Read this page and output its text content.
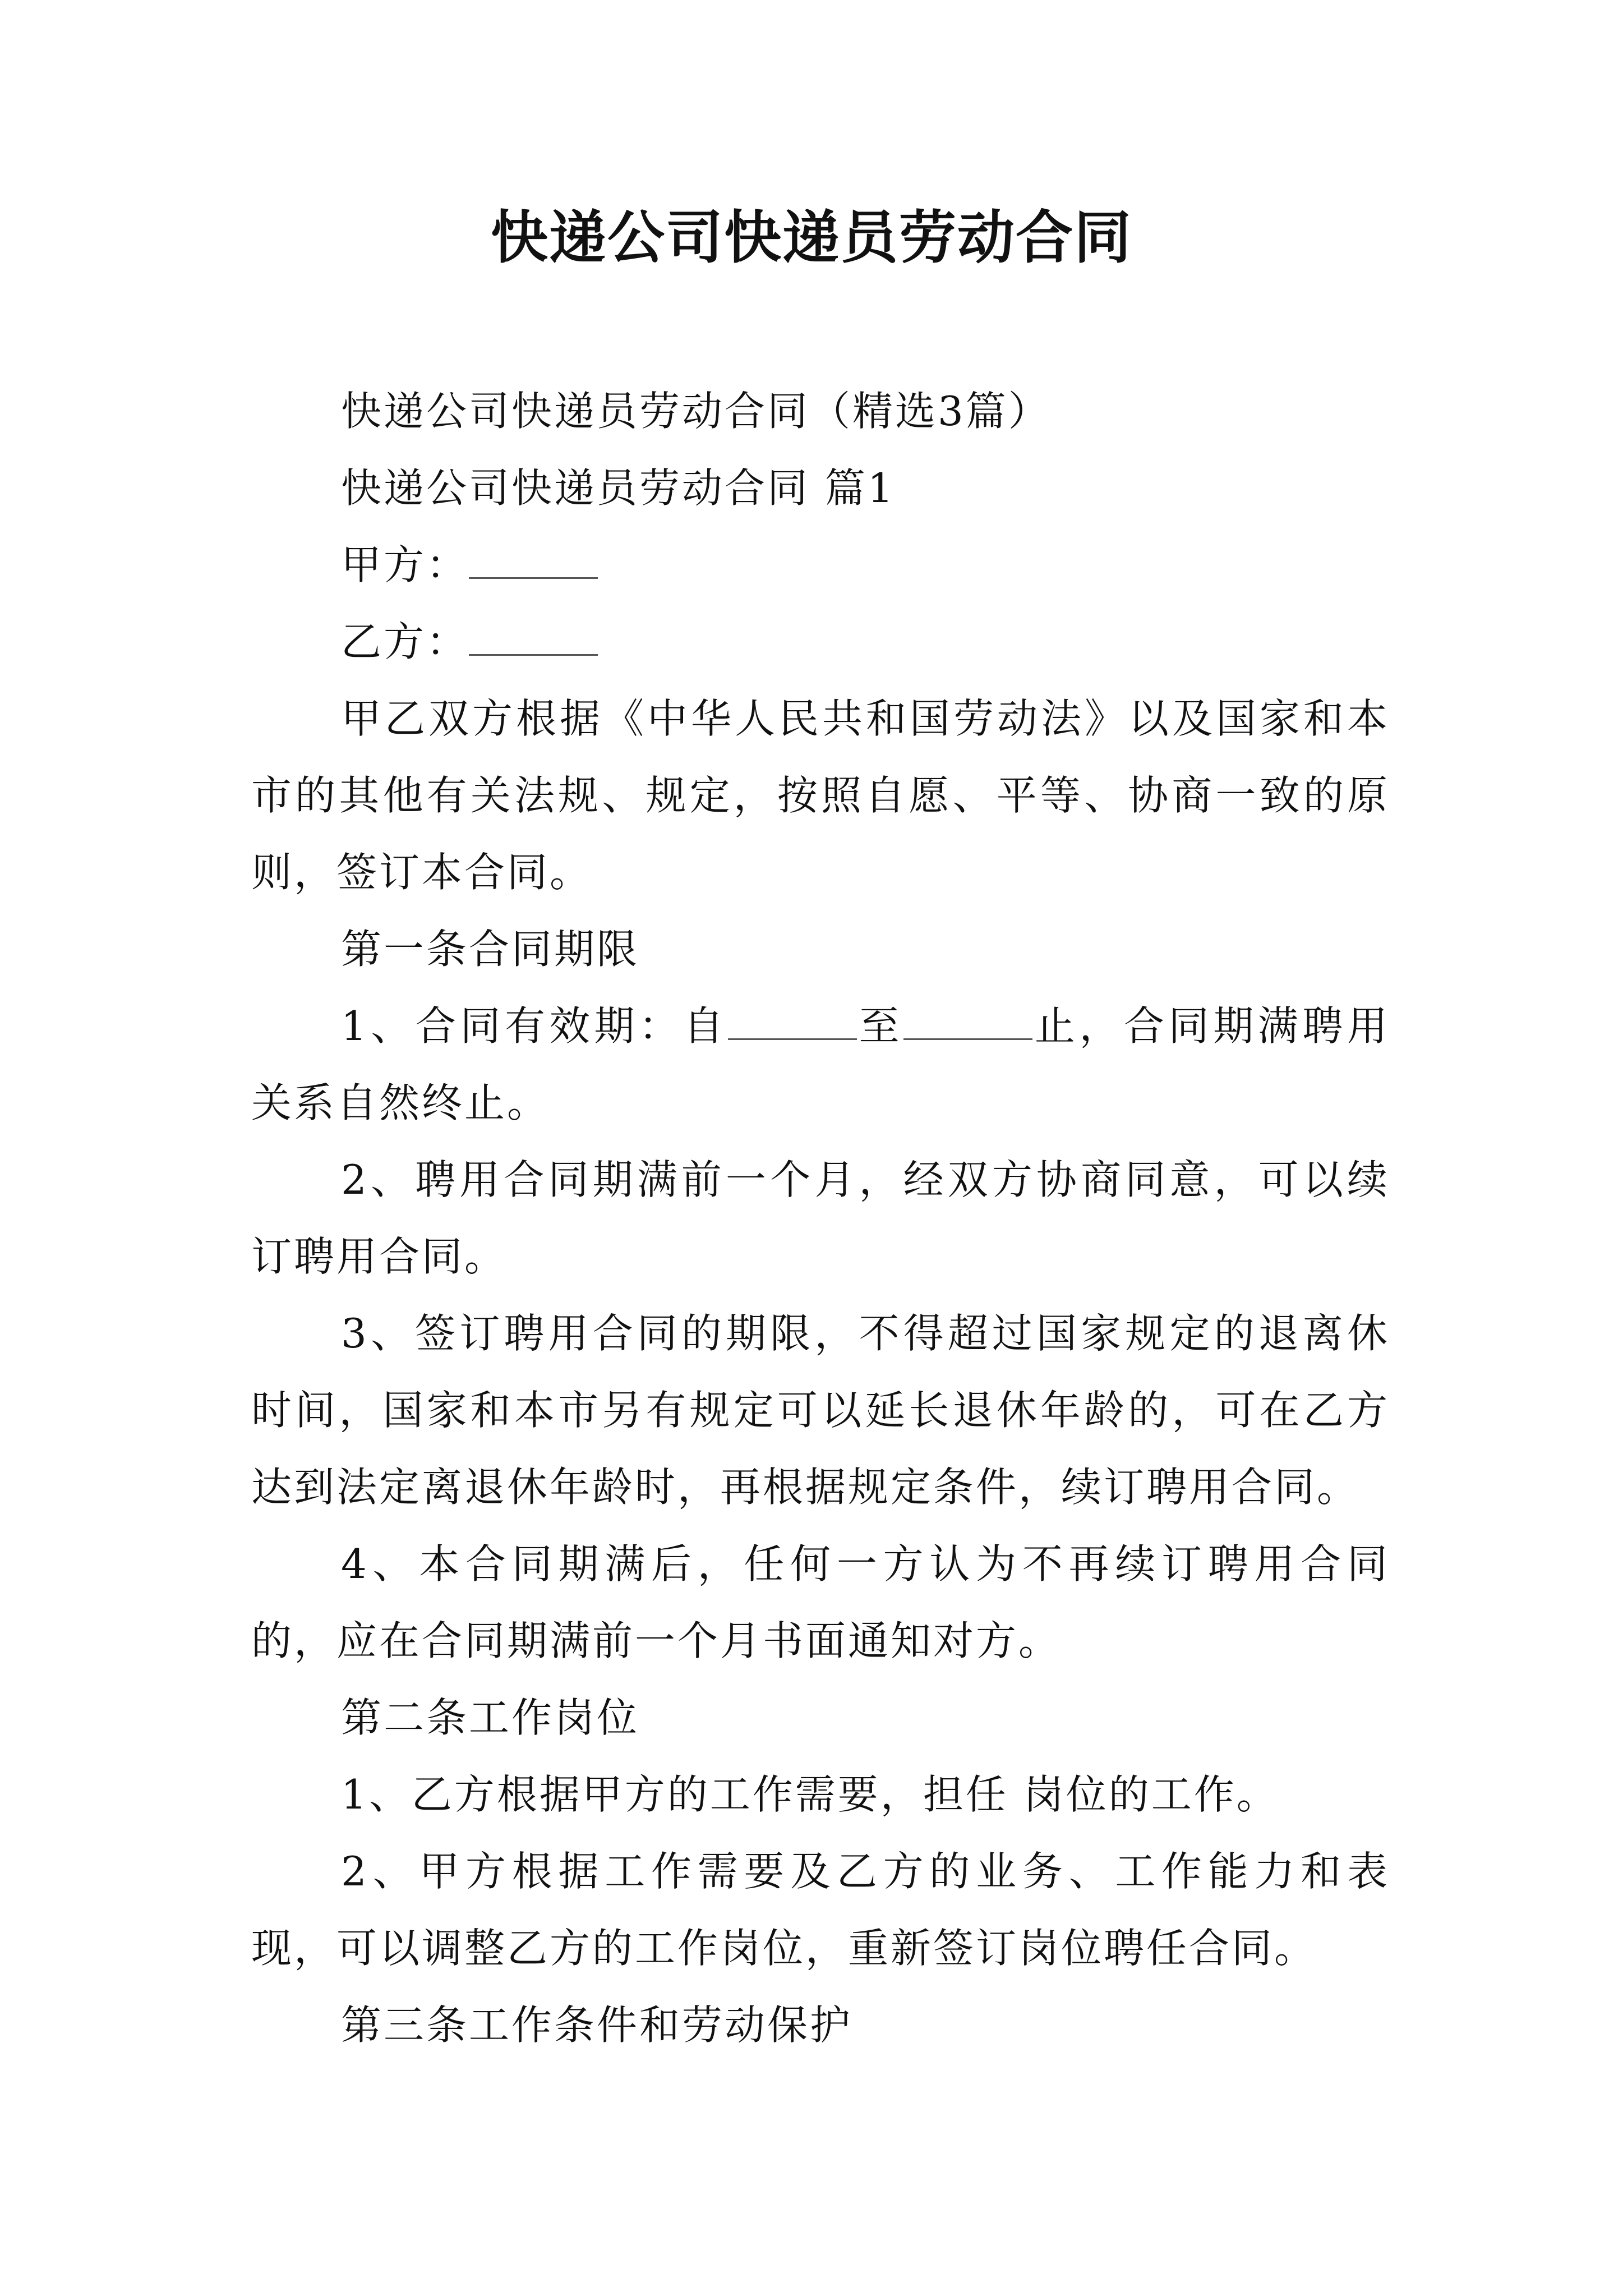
快递公司快递员劳动合同

快递公司快递员劳动合同（精选3篇）

快递公司快递员劳动合同 篇1

甲方：

乙方：

甲乙双方根据《中华人民共和国劳动法》以及国家和本市的其他有关法规、规定，按照自愿、平等、协商一致的原则，签订本合同。

第一条合同期限

1、合同有效期：自	至	止，合同期满聘用关系自然终止。

2、聘用合同期满前一个月，经双方协商同意，可以续订聘用合同。

3、签订聘用合同的期限，不得超过国家规定的退离休时间，国家和本市另有规定可以延长退休年龄的，可在乙方达到法定离退休年龄时，再根据规定条件，续订聘用合同。

4、本合同期满后，任何一方认为不再续订聘用合同的，应在合同期满前一个月书面通知对方。

第二条工作岗位

1、乙方根据甲方的工作需要，担任 岗位的工作。

2、甲方根据工作需要及乙方的业务、工作能力和表现，可以调整乙方的工作岗位，重新签订岗位聘任合同。

第三条工作条件和劳动保护
